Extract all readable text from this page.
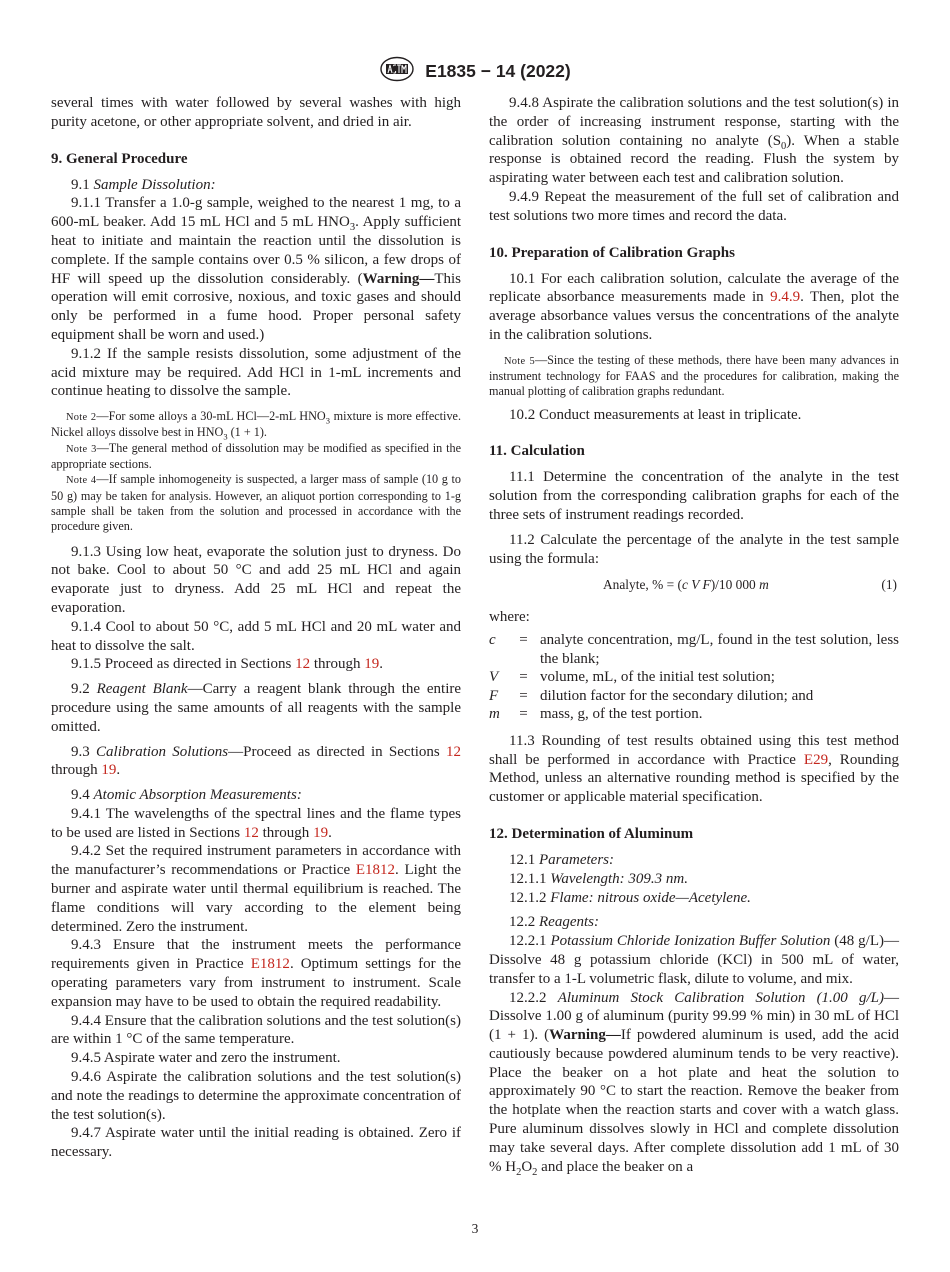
E1835 − 14 (2022)

several times with water followed by several washes with high purity acetone, or other appropriate solvent, and dried in air.

9. General Procedure

9.1 Sample Dissolution:

9.1.1 Transfer a 1.0-g sample, weighed to the nearest 1 mg, to a 600-mL beaker. Add 15 mL HCl and 5 mL $HNO_3$. Apply sufficient heat to initiate and maintain the reaction until the dissolution is complete. If the sample contains over 0.5 % silicon, a few drops of HF will speed up the dissolution considerably. (Warning—This operation will emit corrosive, noxious, and toxic gases and should only be performed in a fume hood. Proper personal safety equipment shall be worn and used.)

9.1.2 If the sample resists dissolution, some adjustment of the acid mixture may be required. Add HCl in 1-mL increments and continue heating to dissolve the sample.

Note 2—For some alloys a 30-mL HCl—2-mL $HNO_3$ mixture is more effective. Nickel alloys dissolve best in $HNO_3$ (1 + 1).

Note 3—The general method of dissolution may be modified as specified in the appropriate sections.

Note 4—If sample inhomogeneity is suspected, a larger mass of sample (10 g to 50 g) may be taken for analysis. However, an aliquot portion corresponding to 1-g sample shall be taken from the solution and processed in accordance with the procedure given.

9.1.3 Using low heat, evaporate the solution just to dryness. Do not bake. Cool to about 50 °C and add 25 mL HCl and again evaporate just to dryness. Add 25 mL HCl and repeat the evaporation.

9.1.4 Cool to about 50 °C, add 5 mL HCl and 20 mL water and heat to dissolve the salt.

9.1.5 Proceed as directed in Sections 12 through 19.

9.2 Reagent Blank—Carry a reagent blank through the entire procedure using the same amounts of all reagents with the sample omitted.

9.3 Calibration Solutions—Proceed as directed in Sections 12 through 19.

9.4 Atomic Absorption Measurements:

9.4.1 The wavelengths of the spectral lines and the flame types to be used are listed in Sections 12 through 19.

9.4.2 Set the required instrument parameters in accordance with the manufacturer’s recommendations or Practice E1812. Light the burner and aspirate water until thermal equilibrium is reached. The flame conditions will vary according to the element being determined. Zero the instrument.

9.4.3 Ensure that the instrument meets the performance requirements given in Practice E1812. Optimum settings for the operating parameters vary from instrument to instrument. Scale expansion may have to be used to obtain the required readability.

9.4.4 Ensure that the calibration solutions and the test solution(s) are within 1 °C of the same temperature.

9.4.5 Aspirate water and zero the instrument.

9.4.6 Aspirate the calibration solutions and the test solution(s) and note the readings to determine the approximate concentration of the test solution(s).

9.4.7 Aspirate water until the initial reading is obtained. Zero if necessary.

9.4.8 Aspirate the calibration solutions and the test solution(s) in the order of increasing instrument response, starting with the calibration solution containing no analyte $(S_0)$. When a stable response is obtained record the reading. Flush the system by aspirating water between each test and calibration solution.

9.4.9 Repeat the measurement of the full set of calibration and test solutions two more times and record the data.

10. Preparation of Calibration Graphs

10.1 For each calibration solution, calculate the average of the replicate absorbance measurements made in 9.4.9. Then, plot the average absorbance values versus the concentrations of the analyte in the calibration solutions.

Note 5—Since the testing of these methods, there have been many advances in instrument technology for FAAS and the procedures for calibration, making the manual plotting of calibration graphs redundant.

10.2 Conduct measurements at least in triplicate.

11. Calculation

11.1 Determine the concentration of the analyte in the test solution from the corresponding calibration graphs for each of the three sets of instrument readings recorded.

11.2 Calculate the percentage of the analyte in the test sample using the formula:

Analyte, % = (c V F)/10 000 m	(1)

where:

c	=	analyte concentration, mg/L, found in the test solution, less the blank;
V	=	volume, mL, of the initial test solution;
F	=	dilution factor for the secondary dilution; and
m	=	mass, g, of the test portion.

11.3 Rounding of test results obtained using this test method shall be performed in accordance with Practice E29, Rounding Method, unless an alternative rounding method is specified by the customer or applicable material specification.

12. Determination of Aluminum

12.1 Parameters:

12.1.1 Wavelength: 309.3 nm.

12.1.2 Flame: nitrous oxide—Acetylene.

12.2 Reagents:

12.2.1 Potassium Chloride Ionization Buffer Solution (48 g/L)—Dissolve 48 g potassium chloride (KCl) in 500 mL of water, transfer to a 1-L volumetric flask, dilute to volume, and mix.

12.2.2 Aluminum Stock Calibration Solution (1.00 g/L)—Dissolve 1.00 g of aluminum (purity 99.99 % min) in 30 mL of HCl (1 + 1). (Warning—If powdered aluminum is used, add the acid cautiously because powdered aluminum tends to be very reactive). Place the beaker on a hot plate and heat the solution to approximately 90 °C to start the reaction. Remove the beaker from the hotplate when the reaction starts and cover with a watch glass. Pure aluminum dissolves slowly in HCl and complete dissolution may take several days. After complete dissolution add 1 mL of 30 % $H_2O_2$ and place the beaker on a

3
